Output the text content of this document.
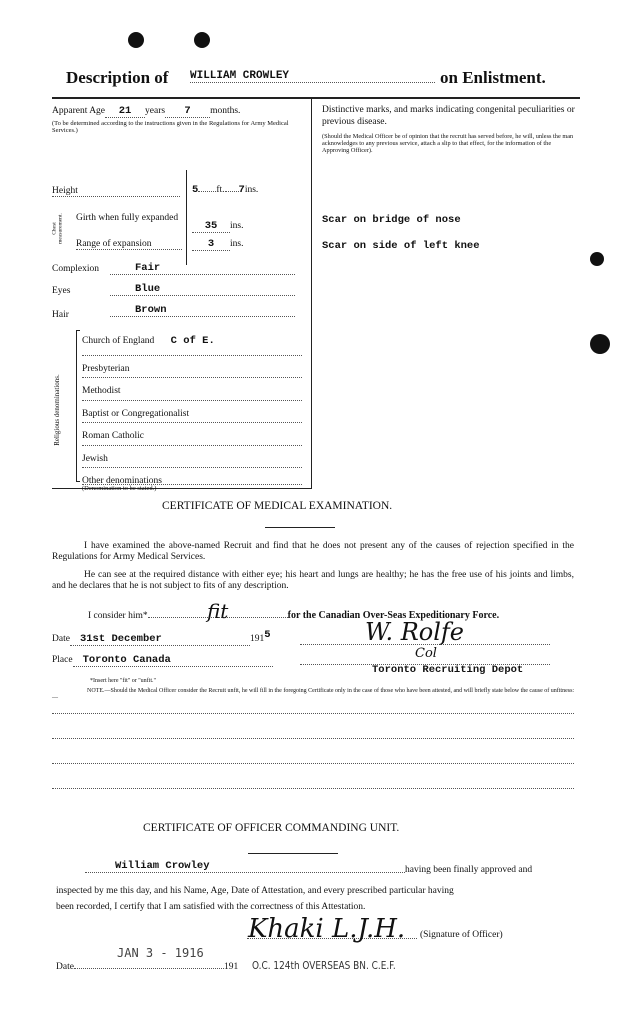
Description of WILLIAM CROWLEY	on Enlistment.
Apparent Age 21 years 7 months.
(To be determined according to the instructions given in the Regulations for Army Medical Services.)
Height	5 ft. 7ins.
Chest measurement. Girth when fully expanded
35 ins.
Range of expansion	3 ins.
Complexion	Fair
Eyes	Blue
Hair	Brown
Religious denominations.
Church of England C of E.
Presbyterian
Methodist
Baptist or Congregationalist
Roman Catholic
Jewish
Other denominations
(Denomination to be stated.)
Distinctive marks, and marks indicating congenital peculiarities or previous disease.
(Should the Medical Officer be of opinion that the recruit has served before, he will, unless the man acknowledges to any previous service, attach a slip to that effect, for the information of the Approving Officer).
Scar on bridge of nose
Scar on side of left knee
CERTIFICATE OF MEDICAL EXAMINATION.
I have examined the above-named Recruit and find that he does not present any of the causes of rejection specified in the Regulations for Army Medical Services.
He can see at the required distance with either eye; his heart and lungs are healthy; he has the free use of his joints and limbs, and he declares that he is not subject to fits of any description.
I consider him*	fit	for the Canadian Over-Seas Expeditionary Force.
Date 31st December	1915
Place Toronto Canada
W. Rolfe
Col
Toronto Recruiting Depot
*Insert here "fit" or "unfit."
NOTE.—Should the Medical Officer consider the Recruit unfit, he will fill in the foregoing Certificate only in the case of those who have been attested, and will briefly state below the cause of unfitness:—
CERTIFICATE OF OFFICER COMMANDING UNIT.
William Crowley	having been finally approved and
inspected by me this day, and his Name, Age, Date of Attestation, and every prescribed particular having
been recorded, I certify that I am satisfied with the correctness of this Attestation.
Khaki L.J.H. (Signature of Officer)
JAN 3 - 1916
Date	191 O.C. 124th OVERSEAS BN. C.E.F.
